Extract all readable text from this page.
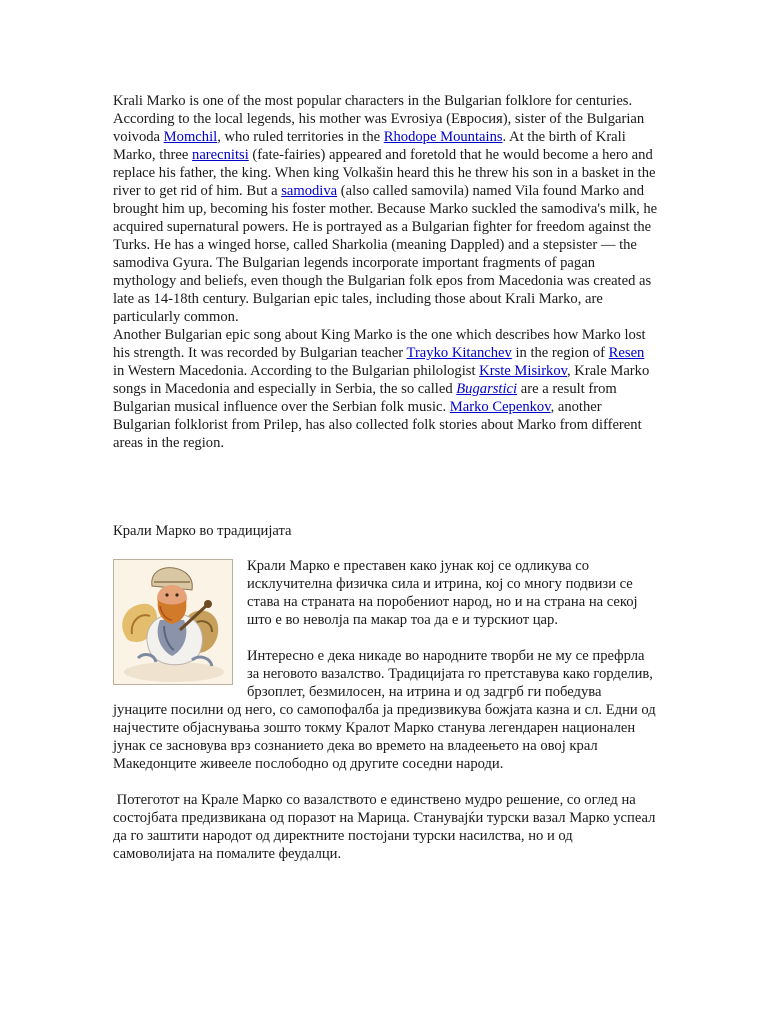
Krali Marko is one of the most popular characters in the Bulgarian folklore for centuries. According to the local legends, his mother was Evrosiya (Евросия), sister of the Bulgarian voivoda Momchil, who ruled territories in the Rhodope Mountains. At the birth of Krali Marko, three narecnitsi (fate-fairies) appeared and foretold that he would become a hero and replace his father, the king. When king Volkašin heard this he threw his son in a basket in the river to get rid of him. But a samodiva (also called samovila) named Vila found Marko and brought him up, becoming his foster mother. Because Marko suckled the samodiva's milk, he acquired supernatural powers. He is portrayed as a Bulgarian fighter for freedom against the Turks. He has a winged horse, called Sharkolia (meaning Dappled) and a stepsister — the samodiva Gyura. The Bulgarian legends incorporate important fragments of pagan mythology and beliefs, even though the Bulgarian folk epos from Macedonia was created as late as 14-18th century. Bulgarian epic tales, including those about Krali Marko, are particularly common.

Another Bulgarian epic song about King Marko is the one which describes how Marko lost his strength. It was recorded by Bulgarian teacher Trayko Kitanchev in the region of Resen in Western Macedonia. According to the Bulgarian philologist Krste Misirkov, Krale Marko songs in Macedonia and especially in Serbia, the so called Bugarstici are a result from Bulgarian musical influence over the Serbian folk music. Marko Cepenkov, another Bulgarian folklorist from Prilep, has also collected folk stories about Marko from different areas in the region.

Крали Марко во традицијата

Крали Марко е преставен како јунак кој се одликува со исклучителна физичка сила и итрина, кој со многу подвизи се става на страната на поробениот народ, но и на страна на секој што е во неволја па макар тоа да е и турскиот цар.

Интересно е дека никаде во народните творби не му се префрла за неговото вазалство. Традицијата го претставува како горделив, брзоплет, безмилосен, на итрина и од задгрб ги победува јунаците посилни од него, со самопофалба ја предизвикува божјата казна и сл. Едни од најчестите објаснувања зошто токму Кралот Марко станува легендарен национален јунак се засновува врз сознанието дека во времето на владеењето на овој крал Македонците живееле послободно од другите соседни народи.

Потеготот на Крале Марко со вазалството е единствено мудро решение, со оглед на состојбата предизвикана од поразот на Марица. Станувајќи турски вазал Марко успеал да го заштити народот од директните постојани турски насилства, но и од самоволијата на помалите феудалци.
